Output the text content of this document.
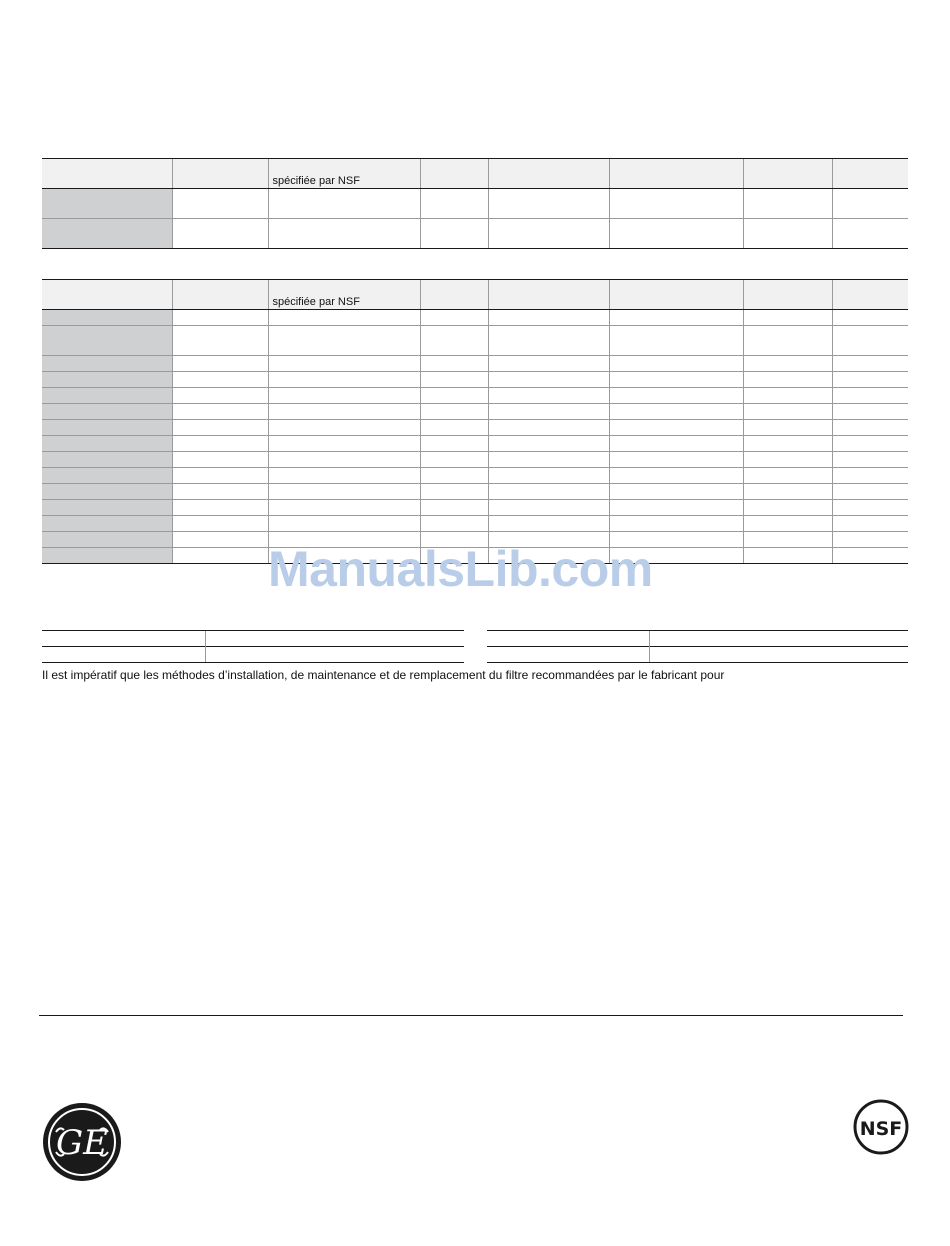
		spécifiée par NSF					

		spécifiée par NSF					

ManualsLib.com

Il est impératif que les méthodes d’installation, de maintenance et de remplacement du filtre recommandées par le fabricant pour

GE	NSF
